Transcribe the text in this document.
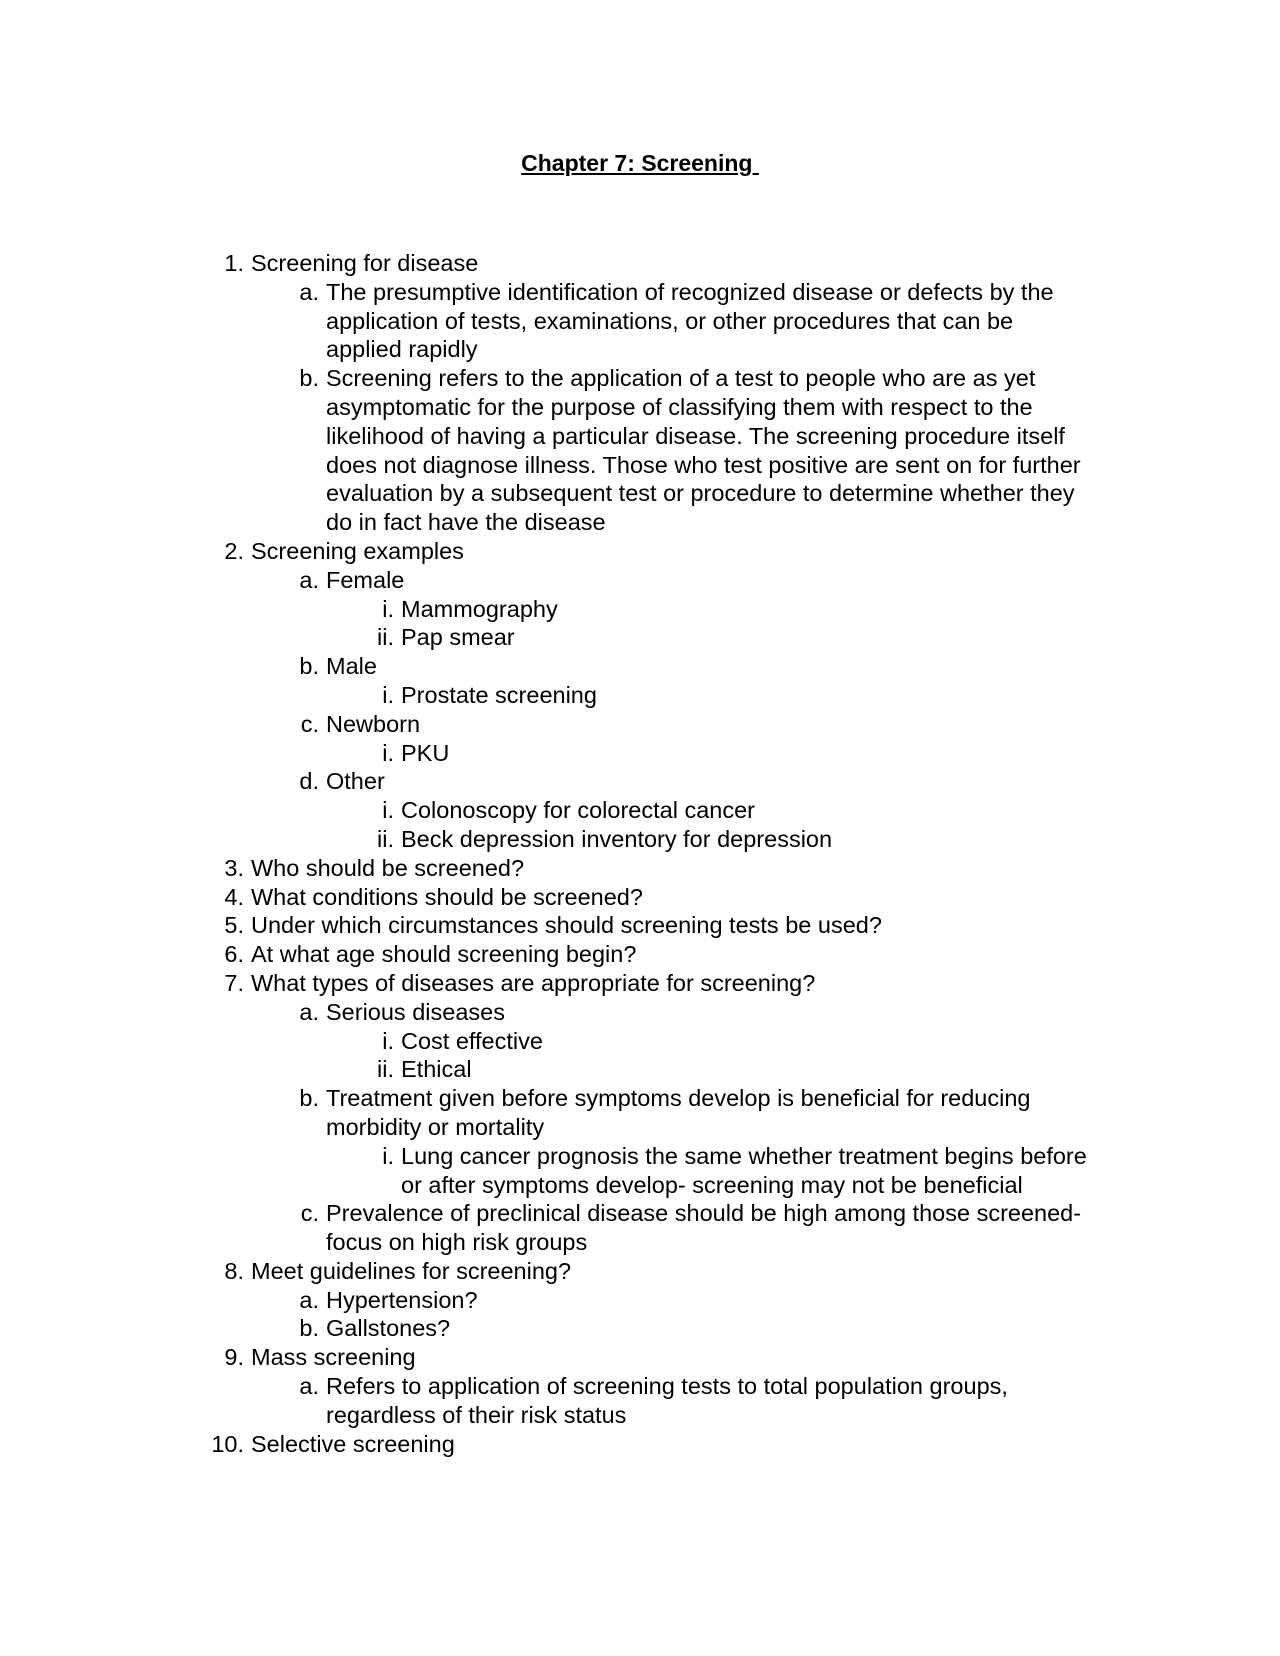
Chapter 7: Screening
1. Screening for disease
a. The presumptive identification of recognized disease or defects by the application of tests, examinations, or other procedures that can be applied rapidly
b. Screening refers to the application of a test to people who are as yet asymptomatic for the purpose of classifying them with respect to the likelihood of having a particular disease. The screening procedure itself does not diagnose illness. Those who test positive are sent on for further evaluation by a subsequent test or procedure to determine whether they do in fact have the disease
2. Screening examples
a. Female
i. Mammography
ii. Pap smear
b. Male
i. Prostate screening
c. Newborn
i. PKU
d. Other
i. Colonoscopy for colorectal cancer
ii. Beck depression inventory for depression
3. Who should be screened?
4. What conditions should be screened?
5. Under which circumstances should screening tests be used?
6. At what age should screening begin?
7. What types of diseases are appropriate for screening?
a. Serious diseases
i. Cost effective
ii. Ethical
b. Treatment given before symptoms develop is beneficial for reducing morbidity or mortality
i. Lung cancer prognosis the same whether treatment begins before or after symptoms develop- screening may not be beneficial
c. Prevalence of preclinical disease should be high among those screened- focus on high risk groups
8. Meet guidelines for screening?
a. Hypertension?
b. Gallstones?
9. Mass screening
a. Refers to application of screening tests to total population groups, regardless of their risk status
10. Selective screening
